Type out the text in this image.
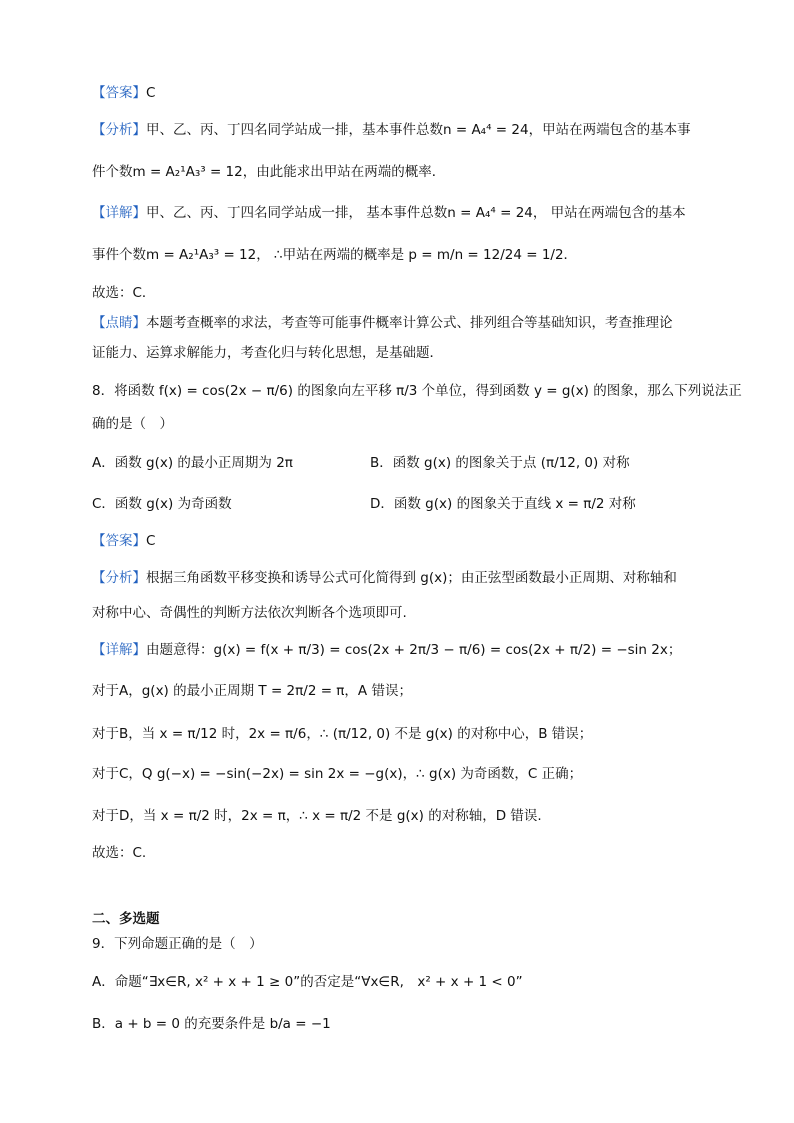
【答案】C
【分析】甲、乙、丙、丁四名同学站成一排，基本事件总数n = A₄⁴ = 24，甲站在两端包含的基本事
件个数m = A₂¹A₃³ = 12，由此能求出甲站在两端的概率．
【详解】甲、乙、丙、丁四名同学站成一排， 基本事件总数n = A₄⁴ = 24， 甲站在两端包含的基本
事件个数m = A₂¹A₃³ = 12， ∴甲站在两端的概率是 p = m/n = 12/24 = 1/2．
故选：C．
【点睛】本题考查概率的求法，考查等可能事件概率计算公式、排列组合等基础知识，考查推理论
证能力、运算求解能力，考查化归与转化思想，是基础题．
8．将函数 f(x) = cos(2x − π/6) 的图象向左平移 π/3 个单位，得到函数 y = g(x) 的图象，那么下列说法正
确的是（　）
A．函数 g(x) 的最小正周期为 2π	B．函数 g(x) 的图象关于点 (π/12, 0) 对称
C．函数 g(x) 为奇函数	D．函数 g(x) 的图象关于直线 x = π/2 对称
【答案】C
【分析】根据三角函数平移变换和诱导公式可化简得到 g(x)；由正弦型函数最小正周期、对称轴和
对称中心、奇偶性的判断方法依次判断各个选项即可.
【详解】由题意得：g(x) = f(x + π/3) = cos(2x + 2π/3 − π/6) = cos(2x + π/2) = −sin 2x；
对于A，g(x) 的最小正周期 T = 2π/2 = π，A 错误；
对于B，当 x = π/12 时，2x = π/6，∴ (π/12, 0) 不是 g(x) 的对称中心，B 错误；
对于C，Q g(−x) = −sin(−2x) = sin 2x = −g(x)，∴ g(x) 为奇函数，C 正确；
对于D，当 x = π/2 时，2x = π，∴ x = π/2 不是 g(x) 的对称轴，D 错误.
故选：C.
二、多选题
9．下列命题正确的是（　）
A．命题“∃x∈R, x² + x + 1 ≥ 0”的否定是“∀x∈R,　x² + x + 1 < 0”
B．a + b = 0 的充要条件是 b/a = −1
